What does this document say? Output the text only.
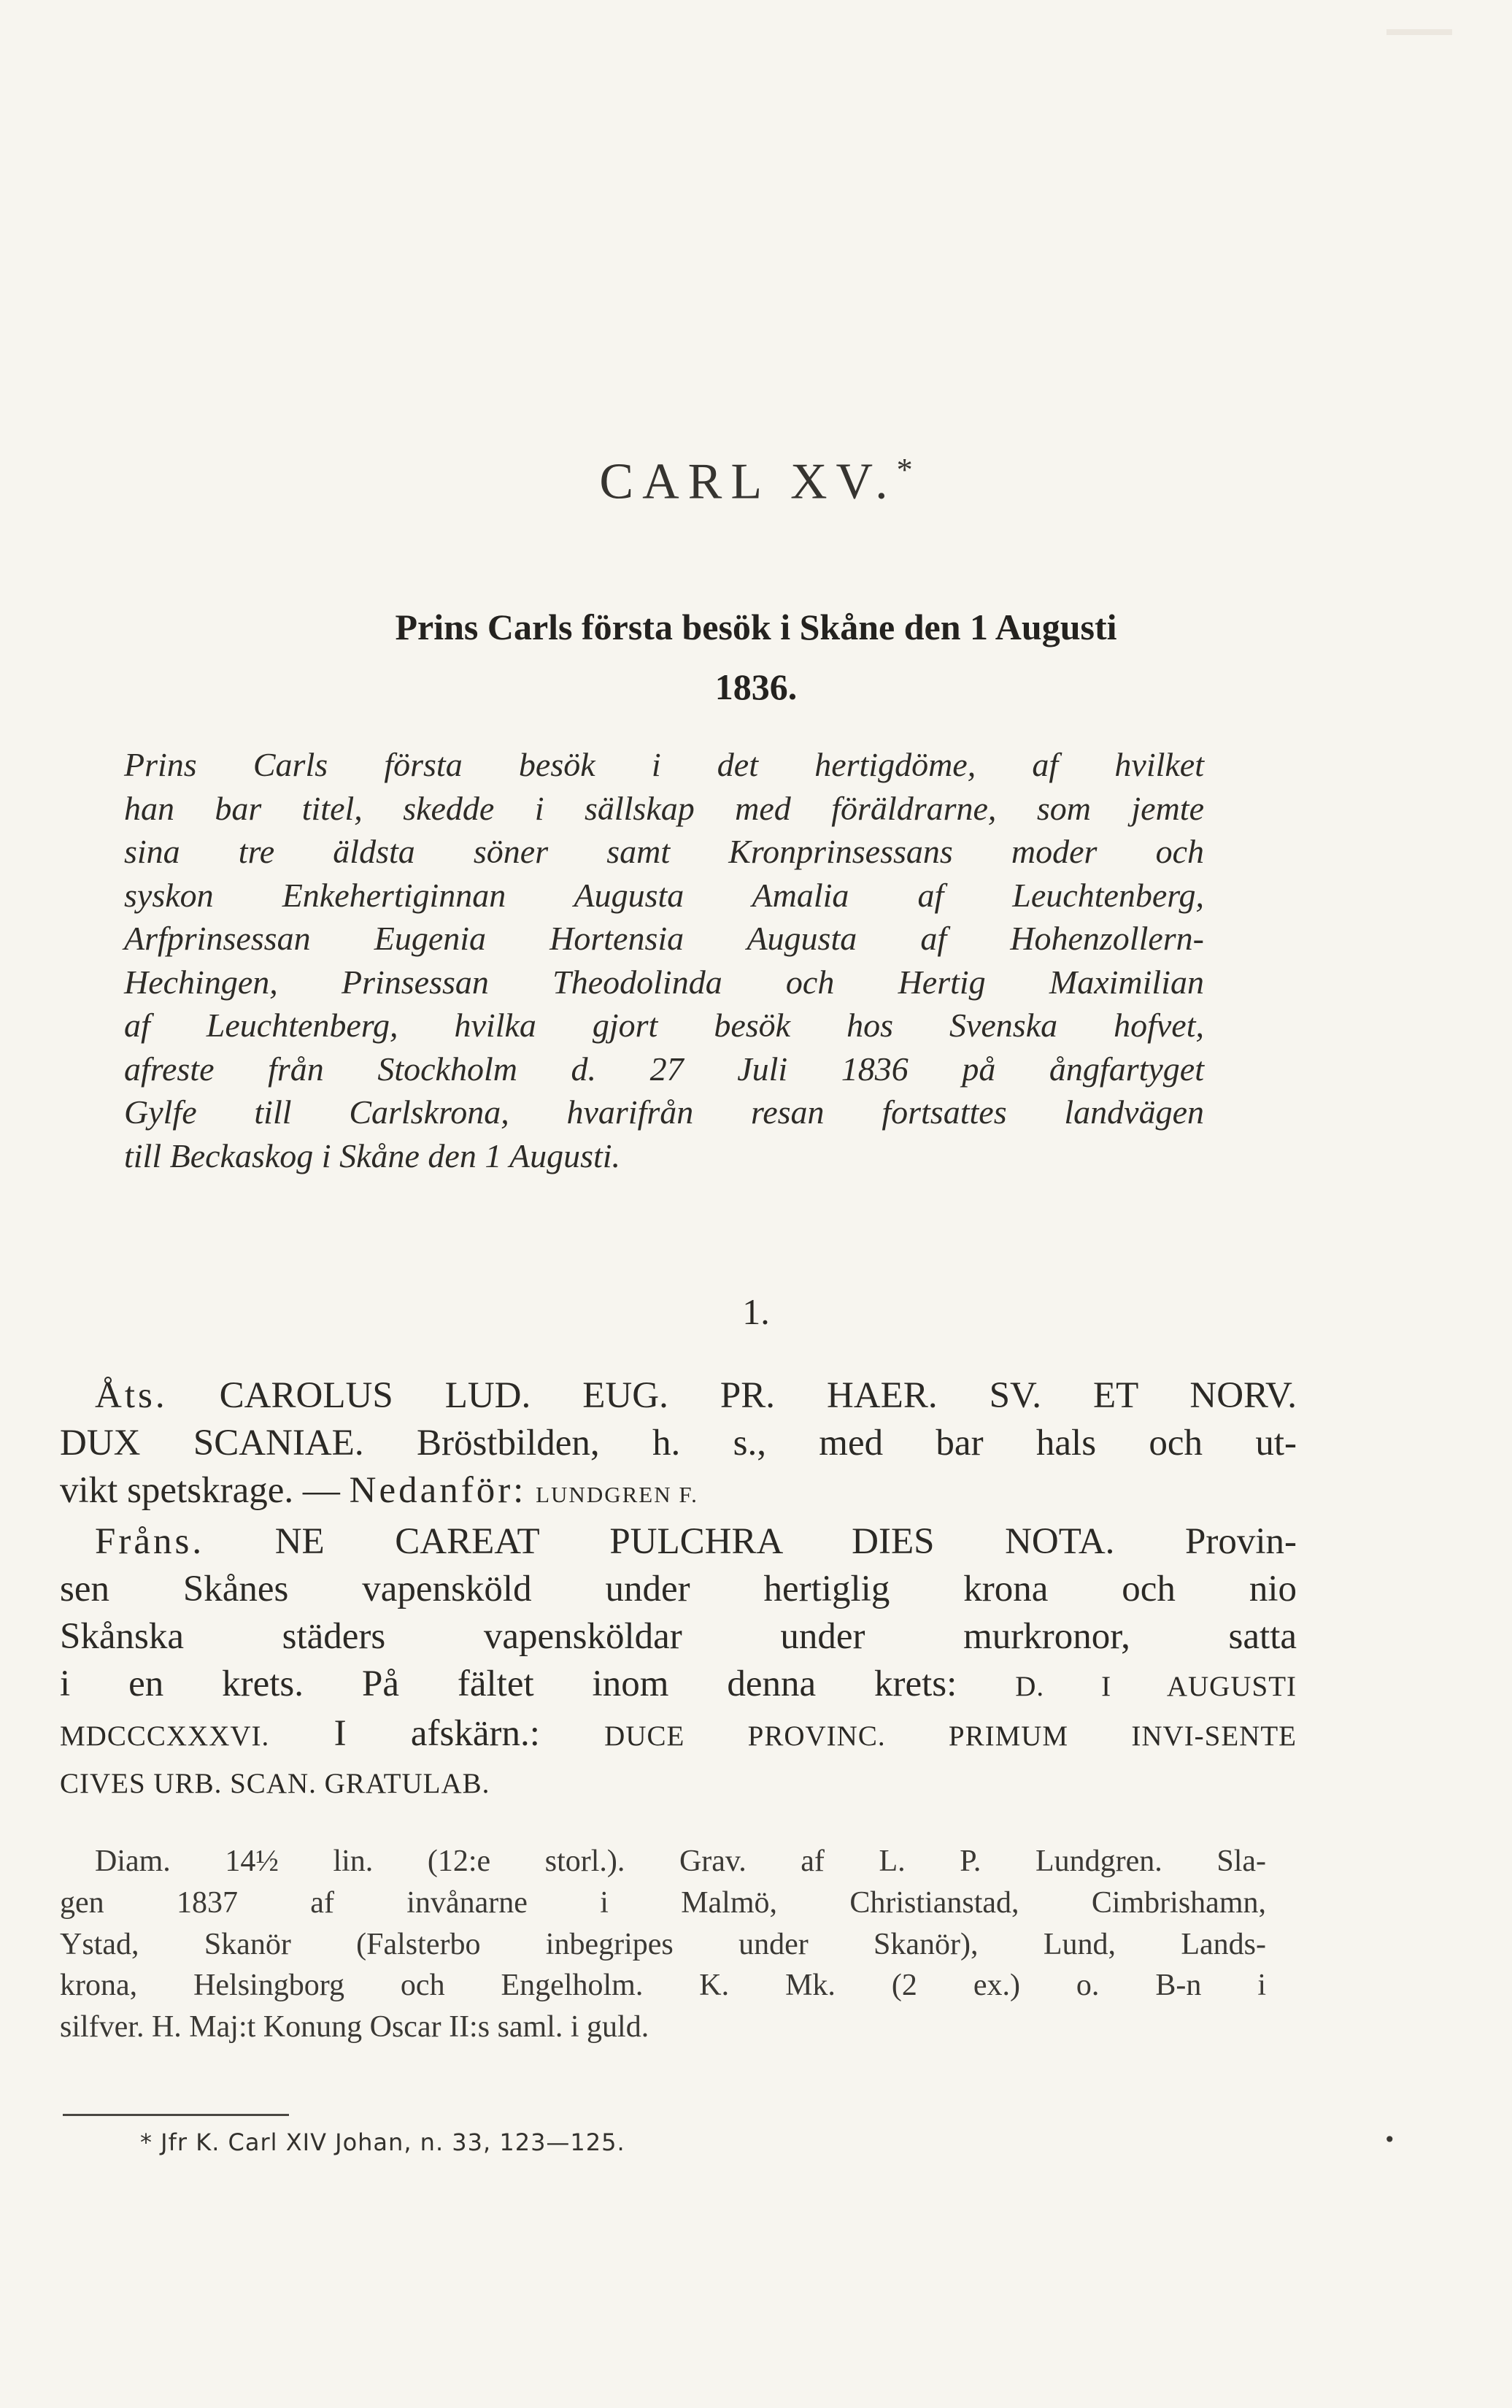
CARL XV.*
Prins Carls första besök i Skåne den 1 Augusti
1836.
Prins Carls första besök i det hertigdöme, af hvilket
han bar titel, skedde i sällskap med föräldrarne, som jemte
sina tre äldsta söner samt Kronprinsessans moder och
syskon Enkehertiginnan Augusta Amalia af Leuchtenberg,
Arfprinsessan Eugenia Hortensia Augusta af Hohenzollern-
Hechingen, Prinsessan Theodolinda och Hertig Maximilian
af Leuchtenberg, hvilka gjort besök hos Svenska hofvet,
afreste från Stockholm d. 27 Juli 1836 på ångfartyget
Gylfe till Carlskrona, hvarifrån resan fortsattes landvägen
till Beckaskog i Skåne den 1 Augusti.
1.
Åts. CAROLUS LUD. EUG. PR. HAER. SV. ET NORV.
DUX SCANIAE. Bröstbilden, h. s., med bar hals och ut-
vikt spetskrage. — Nedanför: LUNDGREN F.
Fråns. NE CAREAT PULCHRA DIES NOTA. Provin-
sen Skånes vapensköld under hertiglig krona och nio
Skånska städers vapensköldar under murkronor, satta
i en krets. På fältet inom denna krets: D. I AUGUSTI
MDCCCXXXVI. I afskärn.: DUCE PROVINC. PRIMUM INVI-SENTE
CIVES URB. SCAN. GRATULAB.
Diam. 14½ lin. (12:e storl.). Grav. af L. P. Lundgren. Sla-
gen 1837 af invånarne i Malmö, Christianstad, Cimbrishamn,
Ystad, Skanör (Falsterbo inbegripes under Skanör), Lund, Lands-
krona, Helsingborg och Engelholm. K. Mk. (2 ex.) o. B-n i
silfver. H. Maj:t Konung Oscar II:s saml. i guld.
* Jfr K. Carl XIV Johan, n. 33, 123—125.	•
